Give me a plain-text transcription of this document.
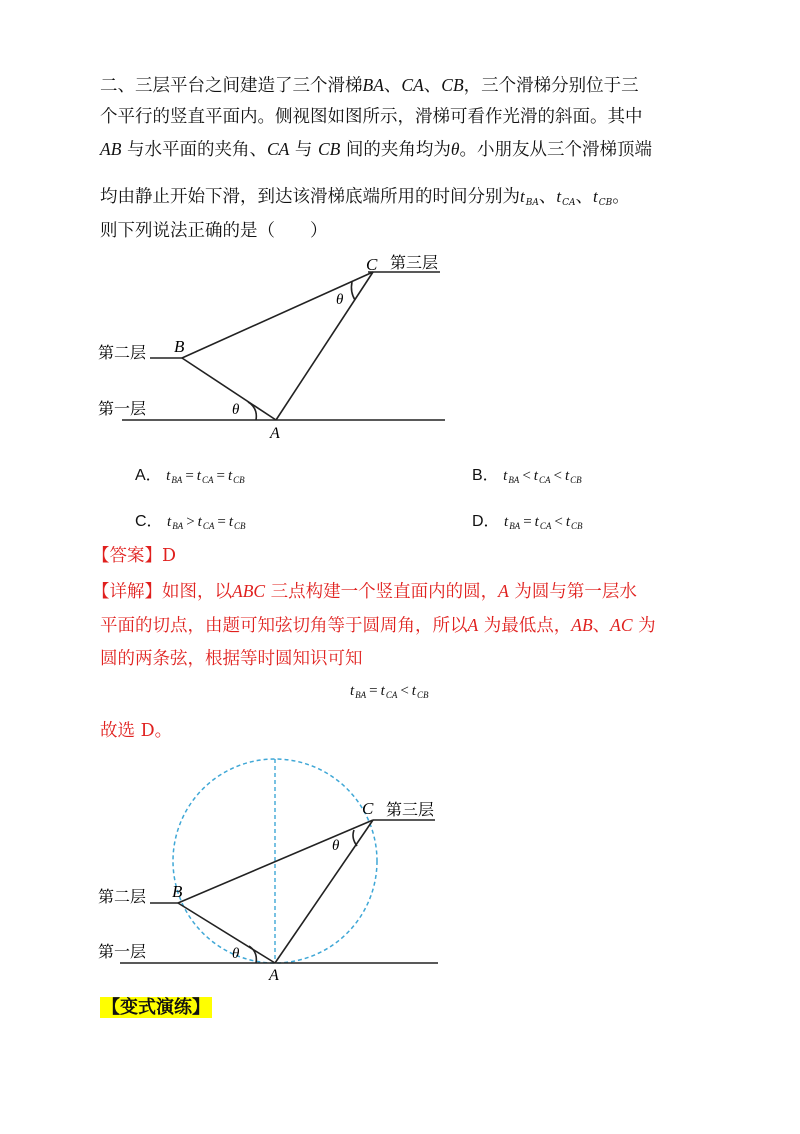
二、三层平台之间建造了三个滑梯BA、CA、CB，三个滑梯分别位于三
个平行的竖直平面内。侧视图如图所示，滑梯可看作光滑的斜面。其中
AB 与水平面的夹角、CA 与 CB 间的夹角均为θ。小朋友从三个滑梯顶端
均由静止开始下滑，到达该滑梯底端所用的时间分别为$t_{BA}$、$t_{CA}$、$t_{CB}$。
则下列说法正确的是（　　）
C 第三层
B
第二层
第一层
θ
θ
A
A． $t_{BA} = t_{CA} = t_{CB}$	B． $t_{BA} < t_{CA} < t_{CB}$
C． $t_{BA} > t_{CA} = t_{CB}$	D． $t_{BA} = t_{CA} < t_{CB}$
【答案】D
【详解】如图，以ABC 三点构建一个竖直面内的圆，A 为圆与第一层水
平面的切点，由题可知弦切角等于圆周角，所以A 为最低点，AB、AC 为
圆的两条弦，根据等时圆知识可知
$t_{BA} = t_{CA} < t_{CB}$
故选 D。
C 第三层
B
第二层
第一层
θ
θ
A
【变式演练】
